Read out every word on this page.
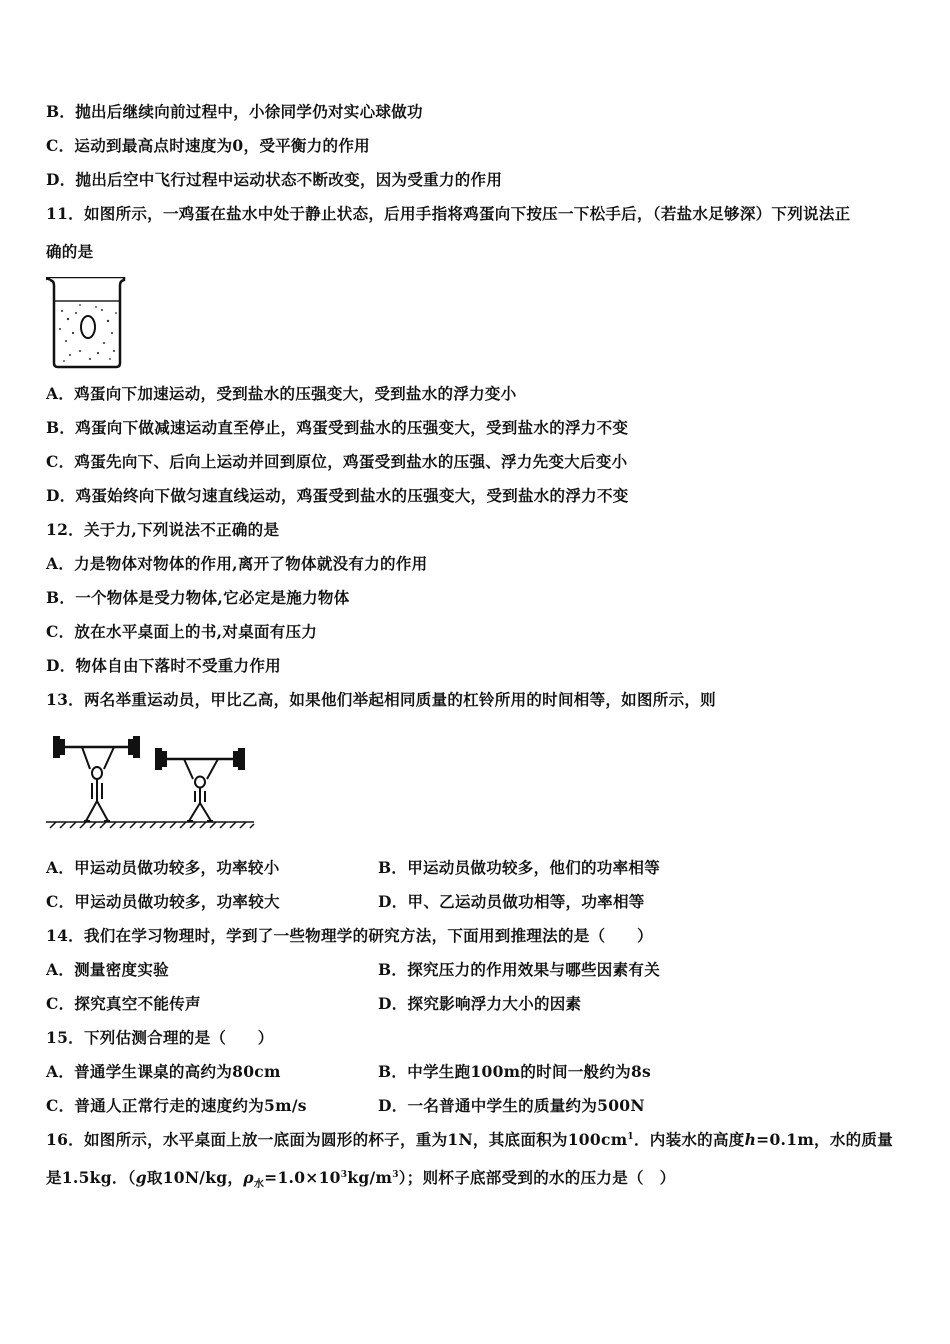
B．抛出后继续向前过程中，小徐同学仍对实心球做功
C．运动到最高点时速度为0，受平衡力的作用
D．抛出后空中飞行过程中运动状态不断改变，因为受重力的作用
11．如图所示，一鸡蛋在盐水中处于静止状态，后用手指将鸡蛋向下按压一下松手后，（若盐水足够深）下列说法正
确的是
A．鸡蛋向下加速运动，受到盐水的压强变大，受到盐水的浮力变小
B．鸡蛋向下做减速运动直至停止，鸡蛋受到盐水的压强变大，受到盐水的浮力不变
C．鸡蛋先向下、后向上运动并回到原位，鸡蛋受到盐水的压强、浮力先变大后变小
D．鸡蛋始终向下做匀速直线运动，鸡蛋受到盐水的压强变大，受到盐水的浮力不变
12．关于力,下列说法不正确的是
A．力是物体对物体的作用,离开了物体就没有力的作用
B．一个物体是受力物体,它必定是施力物体
C．放在水平桌面上的书,对桌面有压力
D．物体自由下落时不受重力作用
13．两名举重运动员，甲比乙高，如果他们举起相同质量的杠铃所用的时间相等，如图所示，则
A．甲运动员做功较多，功率较小	B．甲运动员做功较多，他们的功率相等
C．甲运动员做功较多，功率较大	D．甲、乙运动员做功相等，功率相等
14．我们在学习物理时，学到了一些物理学的研究方法，下面用到推理法的是（　　）
A．测量密度实验	B．探究压力的作用效果与哪些因素有关
C．探究真空不能传声	D．探究影响浮力大小的因素
15．下列估测合理的是（　　）
A．普通学生课桌的高约为80cm	B．中学生跑100m的时间一般约为8s
C．普通人正常行走的速度约为5m/s	D．一名普通中学生的质量约为500N
16．如图所示，水平桌面上放一底面为圆形的杯子，重为1N，其底面积为$100cm^1$．内装水的高度h=0.1m，水的质量
是1.5kg．（g取10N/kg，$\rho_水=1.0\times 10^3kg/m^3$）；则杯子底部受到的水的压力是（　）
